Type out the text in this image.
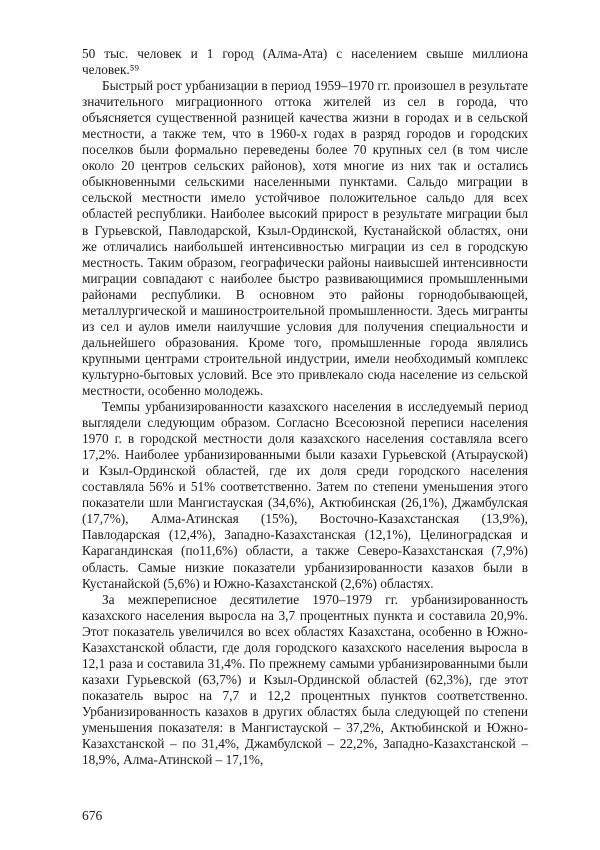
50 тыс. человек и 1 город (Алма-Ата) с населением свыше миллиона человек.⁵⁹

Быстрый рост урбанизации в период 1959–1970 гг. произошел в результате значительного миграционного оттока жителей из сел в города, что объясняется существенной разницей качества жизни в городах и в сельской местности, а также тем, что в 1960-х годах в разряд городов и городских поселков были формально переведены более 70 крупных сел (в том числе около 20 центров сельских районов), хотя многие из них так и остались обыкновенными сельскими населенными пунктами. Сальдо миграции в сельской местности имело устойчивое положительное сальдо для всех областей республики. Наиболее высокий прирост в результате миграции был в Гурьевской, Павлодарской, Кзыл-Ординской, Кустанайской областях, они же отличались наибольшей интенсивностью миграции из сел в городскую местность. Таким образом, географически районы наивысшей интенсивности миграции совпадают с наиболее быстро развивающимися промышленными районами республики. В основном это районы горнодобывающей, металлургической и машиностроительной промышленности. Здесь мигранты из сел и аулов имели наилучшие условия для получения специальности и дальнейшего образования. Кроме того, промышленные города являлись крупными центрами строительной индустрии, имели необходимый комплекс культурно-бытовых условий. Все это привлекало сюда население из сельской местности, особенно молодежь.

Темпы урбанизированности казахского населения в исследуемый период выглядели следующим образом. Согласно Всесоюзной переписи населения 1970 г. в городской местности доля казахского населения составляла всего 17,2%. Наиболее урбанизированными были казахи Гурьевской (Атырауской) и Кзыл-Ординской областей, где их доля среди городского населения составляла 56% и 51% соответственно. Затем по степени уменьшения этого показатели шли Мангистауская (34,6%), Актюбинская (26,1%), Джамбулская (17,7%), Алма-Атинская (15%), Восточно-Казахстанская (13,9%), Павлодарская (12,4%), Западно-Казахстанская (12,1%), Целиноградская и Карагандинская (по11,6%) области, а также Северо-Казахстанская (7,9%) область. Самые низкие показатели урбанизированности казахов были в Кустанайской (5,6%) и Южно-Казахстанской (2,6%) областях.

За межпереписное десятилетие 1970–1979 гг. урбанизированность казахского населения выросла на 3,7 процентных пункта и составила 20,9%. Этот показатель увеличился во всех областях Казахстана, особенно в Южно-Казахстанской области, где доля городского казахского населения выросла в 12,1 раза и составила 31,4%. По прежнему самыми урбанизированными были казахи Гурьевской (63,7%) и Кзыл-Ординской областей (62,3%), где этот показатель вырос на 7,7 и 12,2 процентных пунктов соответственно. Урбанизированность казахов в других областях была следующей по степени уменьшения показателя: в Мангистауской – 37,2%, Актюбинской и Южно-Казахстанской – по 31,4%, Джамбулской – 22,2%, Западно-Казахстанской – 18,9%, Алма-Атинской – 17,1%,

676
